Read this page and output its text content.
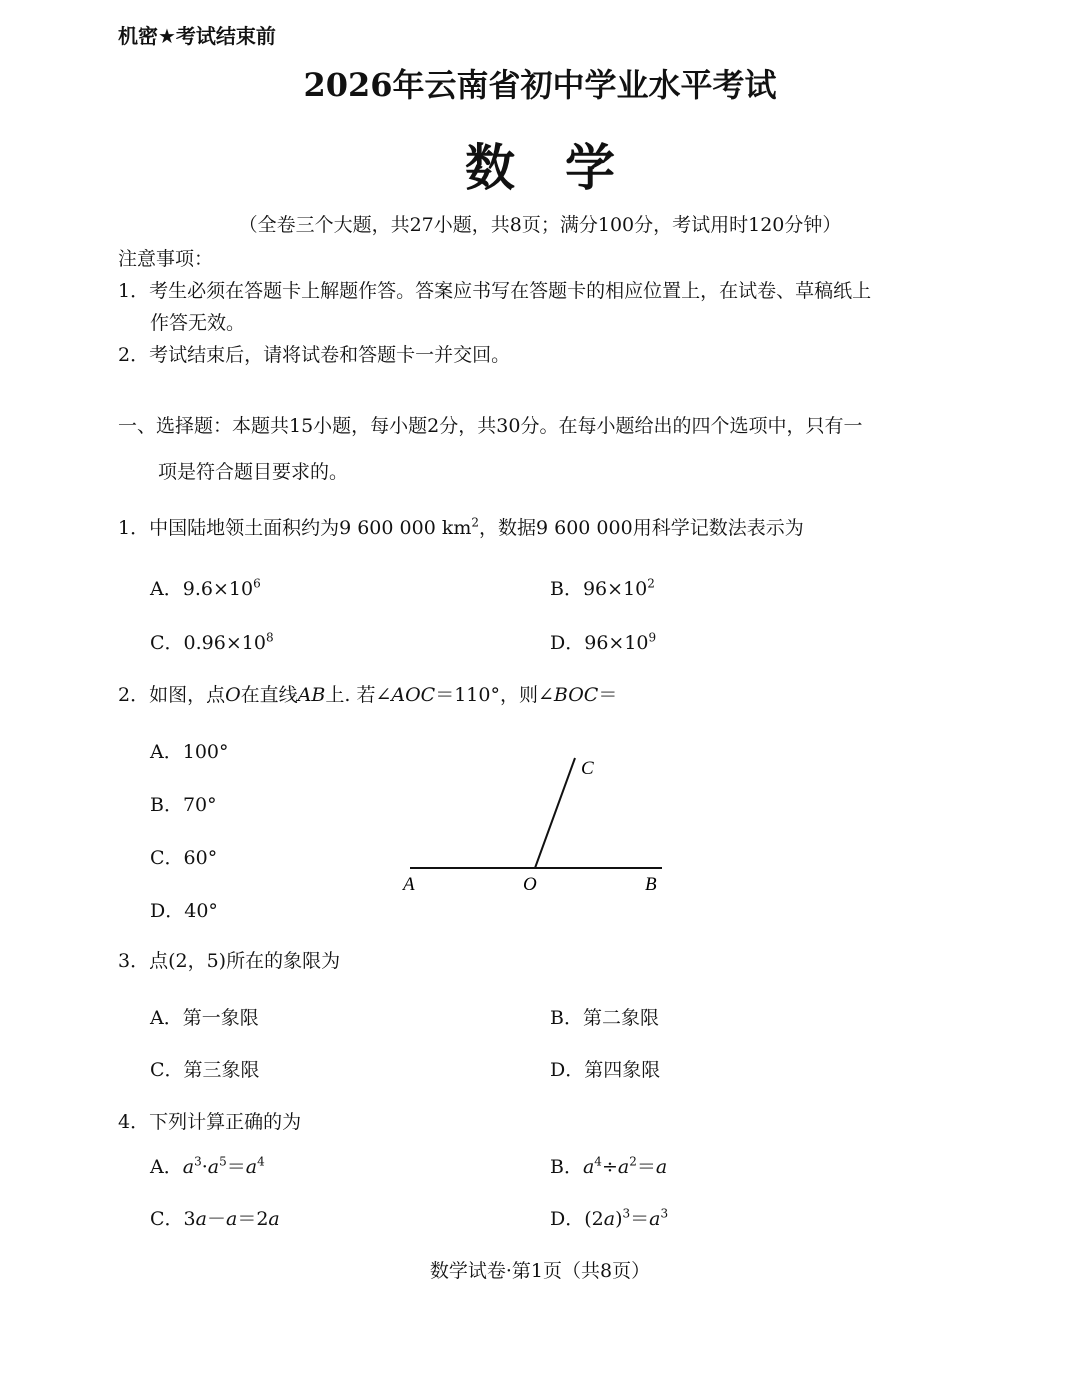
机密★考试结束前
2026年云南省初中学业水平考试
数学
（全卷三个大题，共27小题，共8页；满分100分，考试用时120分钟）
注意事项：
1．考生必须在答题卡上解题作答。答案应书写在答题卡的相应位置上，在试卷、草稿纸上
作答无效。
2．考试结束后，请将试卷和答题卡一并交回。
一、选择题：本题共15小题，每小题2分，共30分。在每小题给出的四个选项中，只有一
项是符合题目要求的。
1．中国陆地领土面积约为9 600 000 $km^2$，数据9 600 000用科学记数法表示为
A．$9.6\times 10^6$	B．$96\times 10^2$
C．$0.96\times 10^8$	D．$96\times 10^9$
2．如图，点O在直线AB上. 若∠AOC＝110°，则∠BOC＝
A．100°
B．70°
C．60°
D．40°
A	O	B
C
3．点(2，5)所在的象限为
A．第一象限	B．第二象限
C．第三象限	D．第四象限
4．下列计算正确的为
A．$a^3\cdot a^5=a^4$	B．$a^4\div a^2=a$
C．3a－a＝2a	D．$(2a)^3=a^3$
数学试卷·第1页（共8页）
